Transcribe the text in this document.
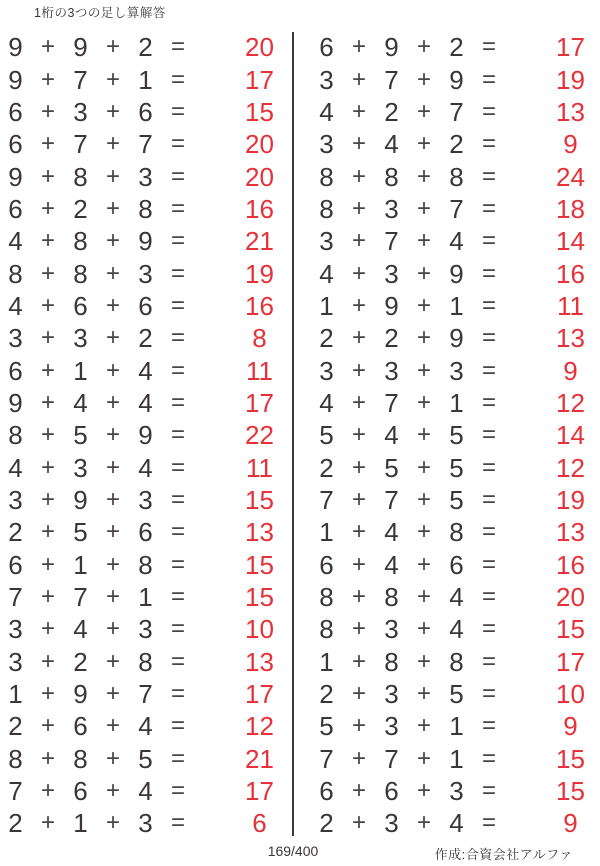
1桁の3つの足し算解答
9 + 9 + 2 =	20
9 + 7 + 1 =	17
6 + 3 + 6 =	15
6 + 7 + 7 =	20
9 + 8 + 3 =	20
6 + 2 + 8 =	16
4 + 8 + 9 =	21
8 + 8 + 3 =	19
4 + 6 + 6 =	16
3 + 3 + 2 =	8
6 + 1 + 4 =	11
9 + 4 + 4 =	17
8 + 5 + 9 =	22
4 + 3 + 4 =	11
3 + 9 + 3 =	15
2 + 5 + 6 =	13
6 + 1 + 8 =	15
7 + 7 + 1 =	15
3 + 4 + 3 =	10
3 + 2 + 8 =	13
1 + 9 + 7 =	17
2 + 6 + 4 =	12
8 + 8 + 5 =	21
7 + 6 + 4 =	17
2 + 1 + 3 =	6
6 + 9 + 2 =	17
3 + 7 + 9 =	19
4 + 2 + 7 =	13
3 + 4 + 2 =	9
8 + 8 + 8 =	24
8 + 3 + 7 =	18
3 + 7 + 4 =	14
4 + 3 + 9 =	16
1 + 9 + 1 =	11
2 + 2 + 9 =	13
3 + 3 + 3 =	9
4 + 7 + 1 =	12
5 + 4 + 5 =	14
2 + 5 + 5 =	12
7 + 7 + 5 =	19
1 + 4 + 8 =	13
6 + 4 + 6 =	16
8 + 8 + 4 =	20
8 + 3 + 4 =	15
1 + 8 + 8 =	17
2 + 3 + 5 =	10
5 + 3 + 1 =	9
7 + 7 + 1 =	15
6 + 6 + 3 =	15
2 + 3 + 4 =	9
169/400	作成:合資会社アルファ
